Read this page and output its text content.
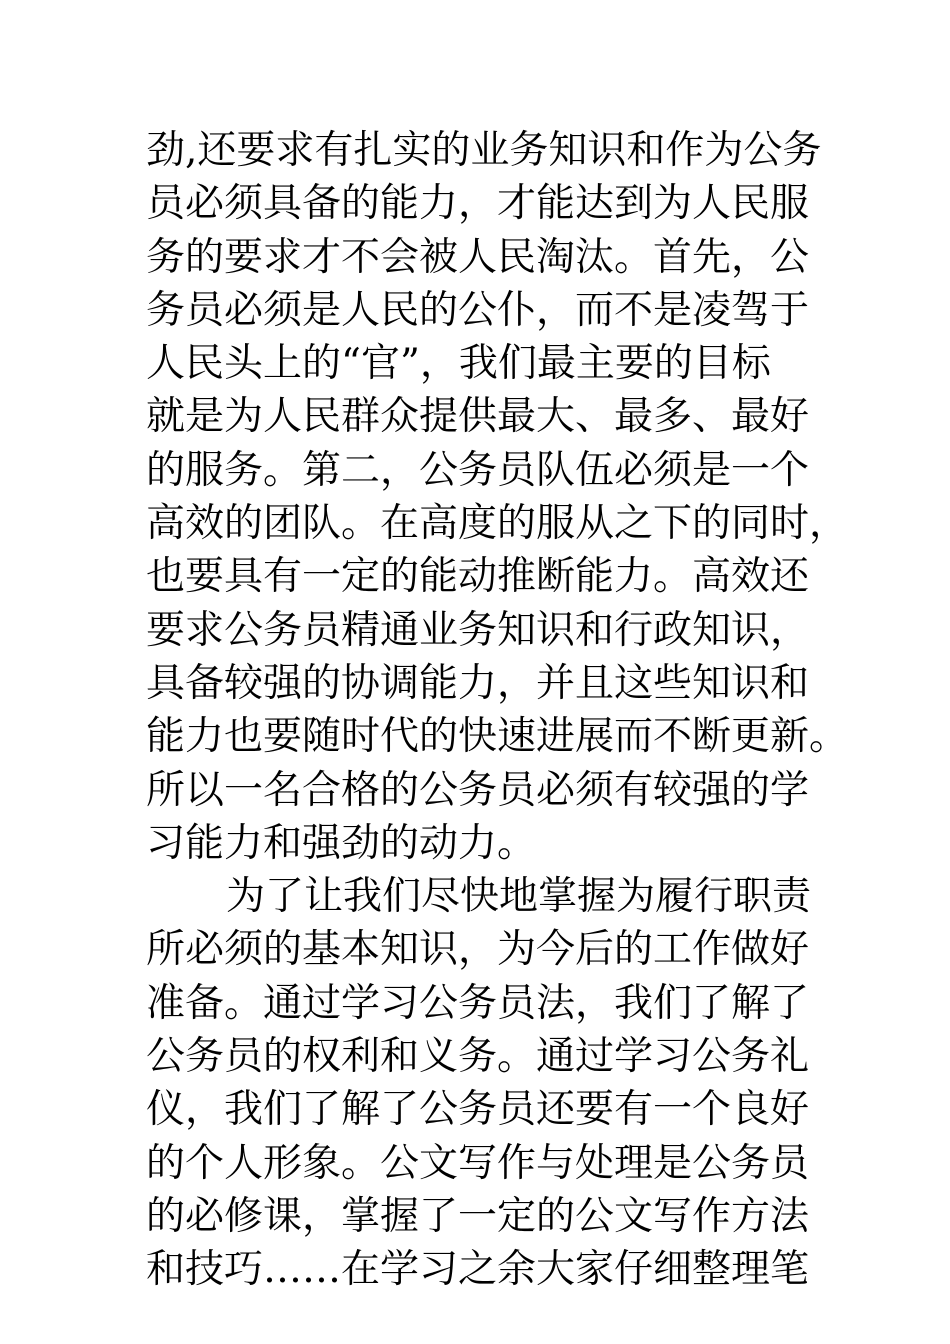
劲,还要求有扎实的业务知识和作为公务
员必须具备的能力，才能达到为人民服
务的要求才不会被人民淘汰。首先，公
务员必须是人民的公仆，而不是凌驾于
人民头上的“官”，我们最主要的目标
就是为人民群众提供最大、最多、最好
的服务。第二，公务员队伍必须是一个
高效的团队。在高度的服从之下的同时，
也要具有一定的能动推断能力。高效还
要求公务员精通业务知识和行政知识，
具备较强的协调能力，并且这些知识和
能力也要随时代的快速进展而不断更新。
所以一名合格的公务员必须有较强的学
习能力和强劲的动力。
为了让我们尽快地掌握为履行职责
所必须的基本知识，为今后的工作做好
准备。通过学习公务员法，我们了解了
公务员的权利和义务。通过学习公务礼
仪，我们了解了公务员还要有一个良好
的个人形象。公文写作与处理是公务员
的必修课，掌握了一定的公文写作方法
和技巧……在学习之余大家仔细整理笔
